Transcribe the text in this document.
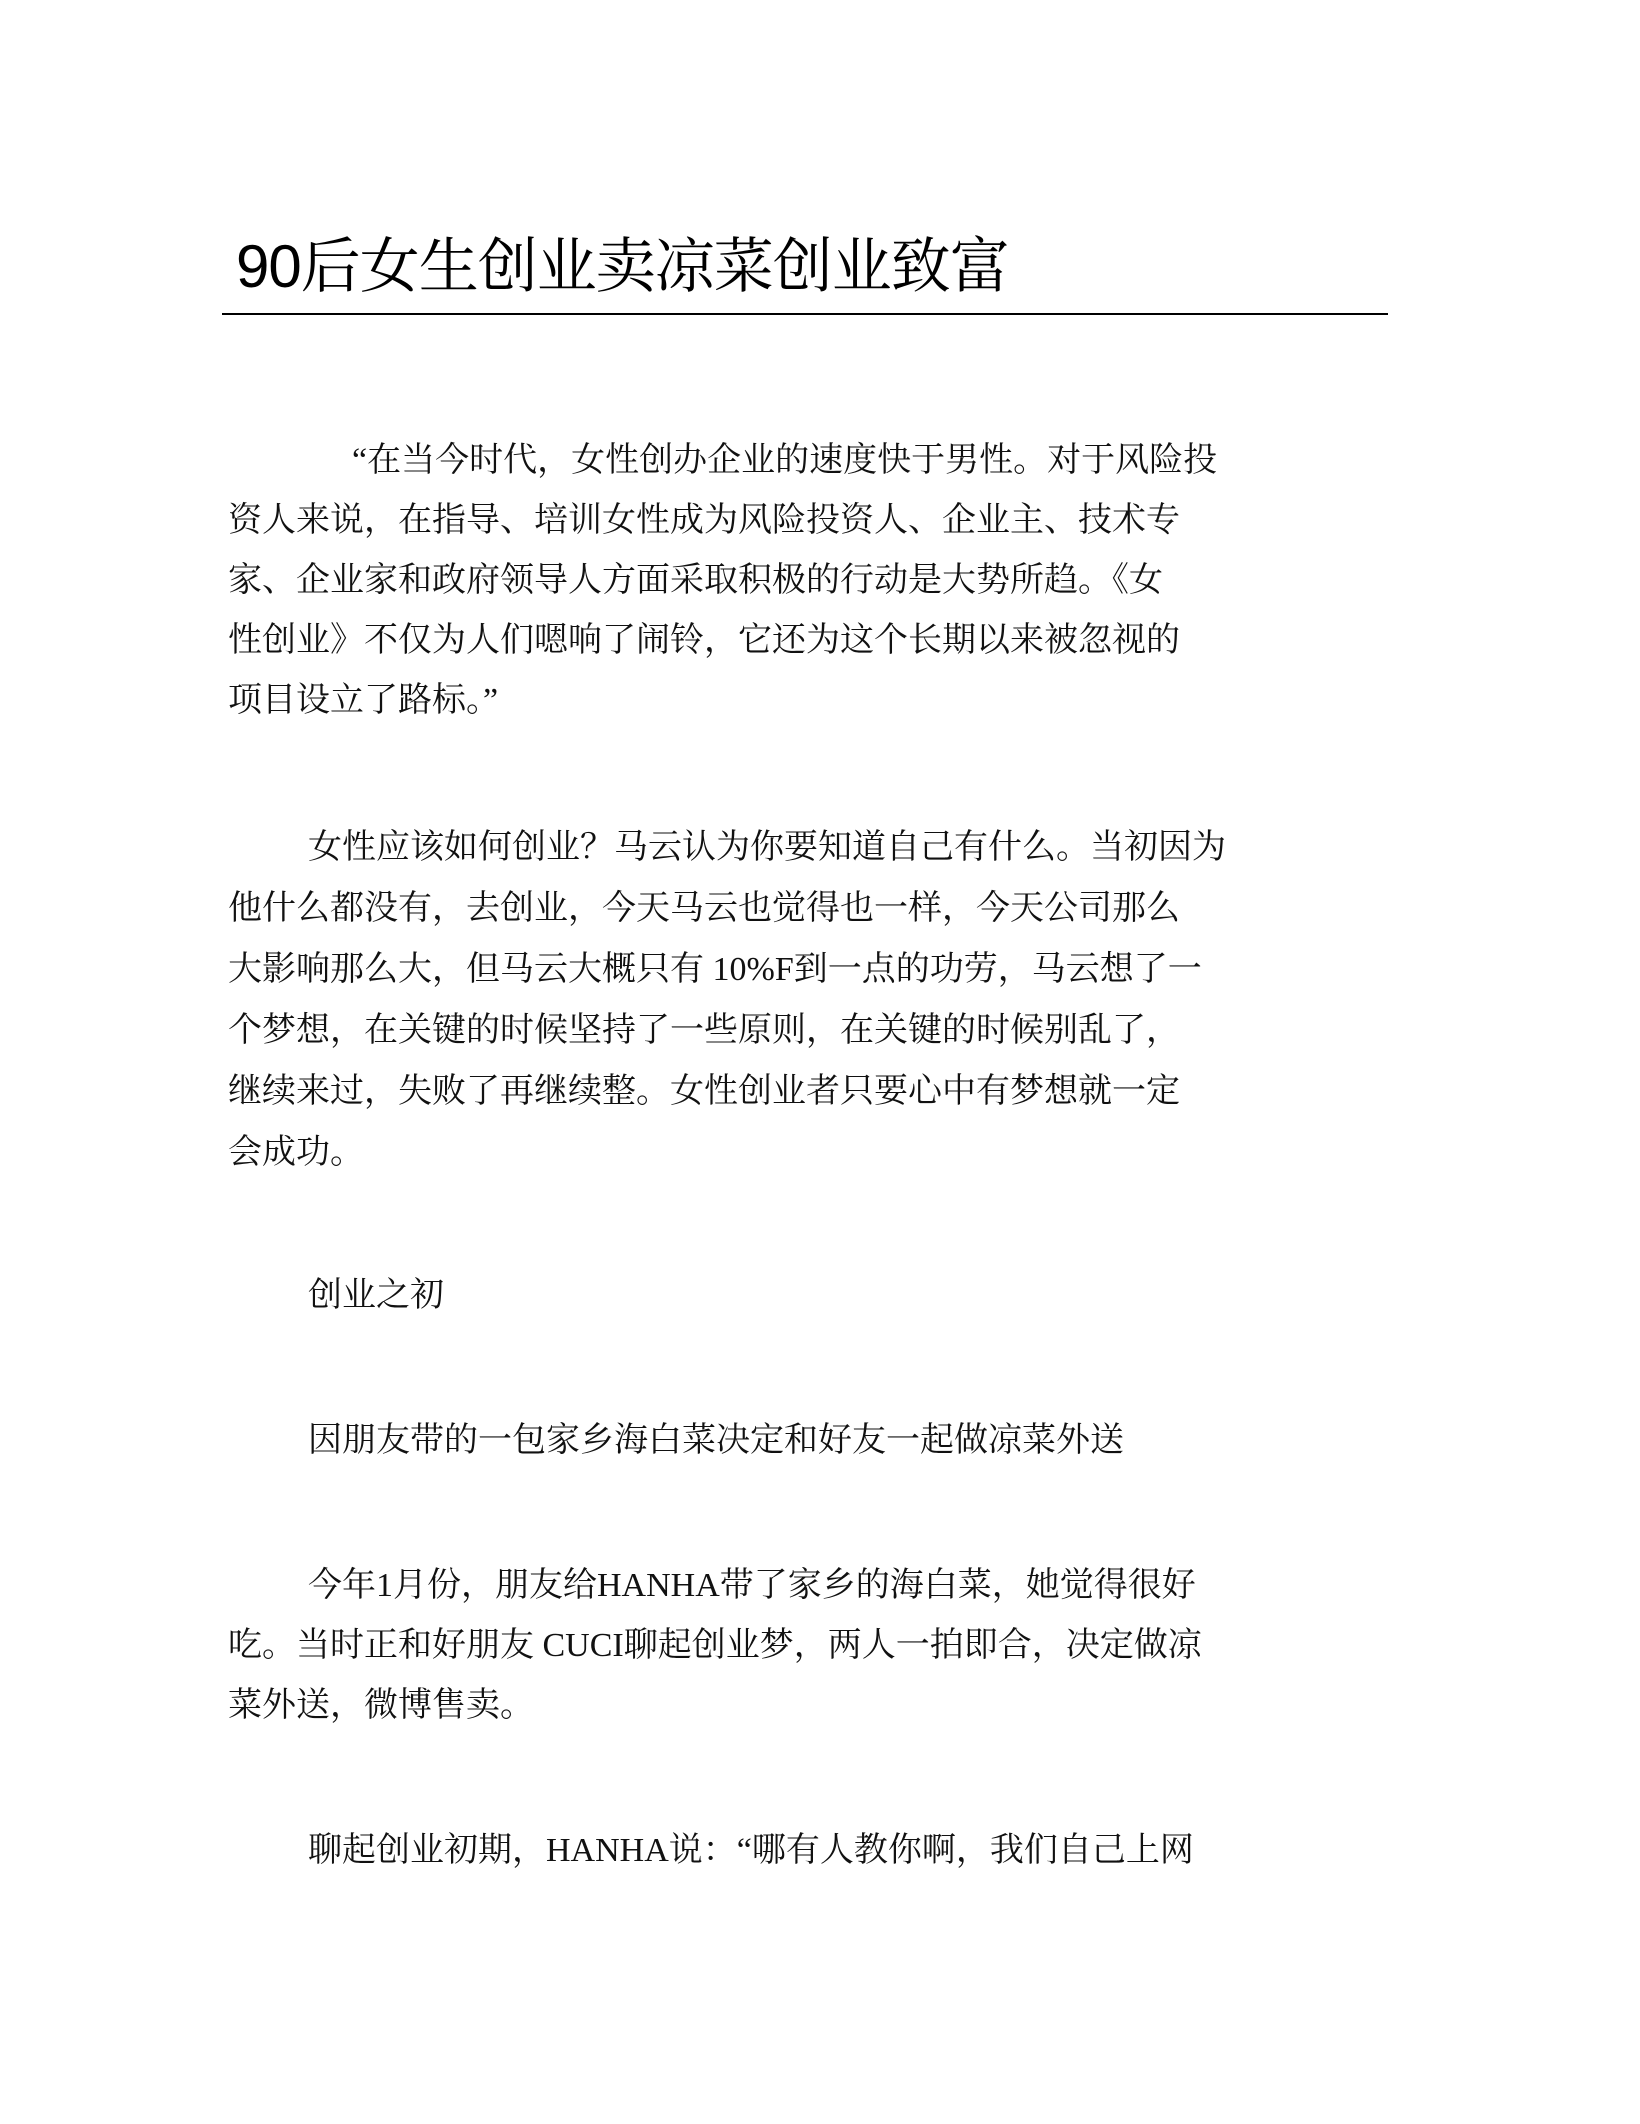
90后女生创业卖凉菜创业致富
“在当今时代，女性创办企业的速度快于男性。对于风险投
资人来说，在指导、培训女性成为风险投资人、企业主、技术专
家、企业家和政府领导人方面采取积极的行动是大势所趋。《女
性创业》不仅为人们嗯响了闹铃，它还为这个长期以来被忽视的
项目设立了路标。”
女性应该如何创业？马云认为你要知道自己有什么。当初因为
他什么都没有，去创业，今天马云也觉得也一样，今天公司那么
大影响那么大，但马云大概只有 10%F到一点的功劳，马云想了一
个梦想，在关键的时候坚持了一些原则，在关键的时候别乱了，
继续来过，失败了再继续整。女性创业者只要心中有梦想就一定
会成功。
创业之初
因朋友带的一包家乡海白菜决定和好友一起做凉菜外送
今年1月份，朋友给HANHA带了家乡的海白菜，她觉得很好
吃。当时正和好朋友 CUCI聊起创业梦，两人一拍即合，决定做凉
菜外送，微博售卖。
聊起创业初期，HANHA说：“哪有人教你啊，我们自己上网
